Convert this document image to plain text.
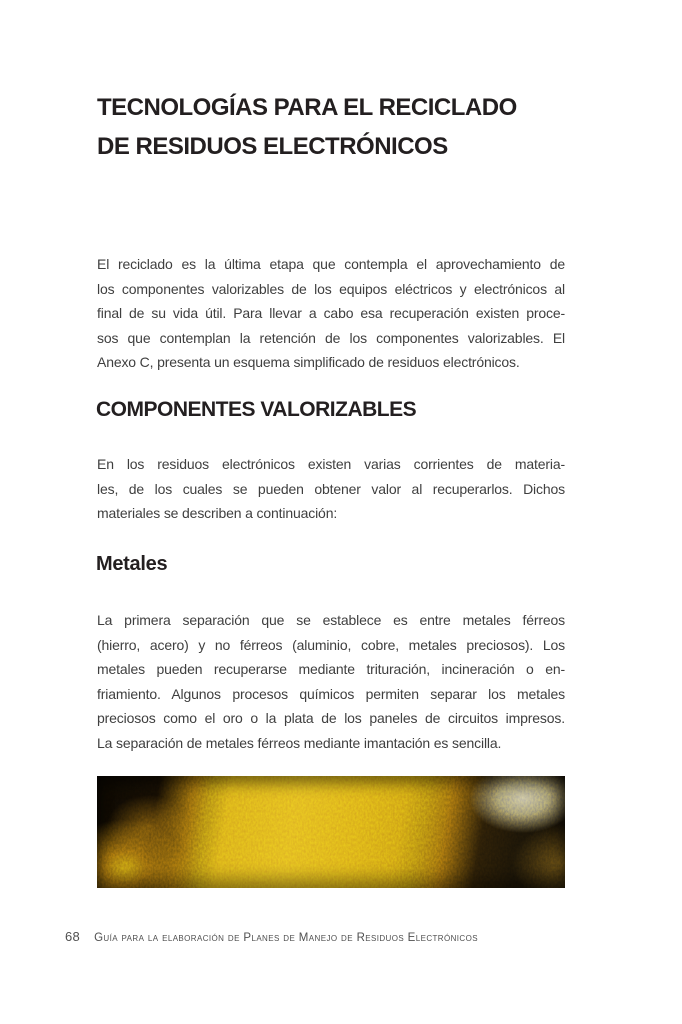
TECNOLOGÍAS PARA EL RECICLADO
DE RESIDUOS ELECTRÓNICOS
El reciclado es la última etapa que contempla el aprovechamiento de
los componentes valorizables de los equipos eléctricos y electrónicos al
final de su vida útil. Para llevar a cabo esa recuperación existen proce-
sos que contemplan la retención de los componentes valorizables. El
Anexo C, presenta un esquema simplificado de residuos electrónicos.
COMPONENTES VALORIZABLES
En los residuos electrónicos existen varias corrientes de materia-
les, de los cuales se pueden obtener valor al recuperarlos. Dichos
materiales se describen a continuación:
Metales
La primera separación que se establece es entre metales férreos
(hierro, acero) y no férreos (aluminio, cobre, metales preciosos). Los
metales pueden recuperarse mediante trituración, incineración o en-
friamiento. Algunos procesos químicos permiten separar los metales
preciosos como el oro o la plata de los paneles de circuitos impresos.
La separación de metales férreos mediante imantación es sencilla.
68 Guía para la elaboración de Planes de Manejo de Residuos Electrónicos
